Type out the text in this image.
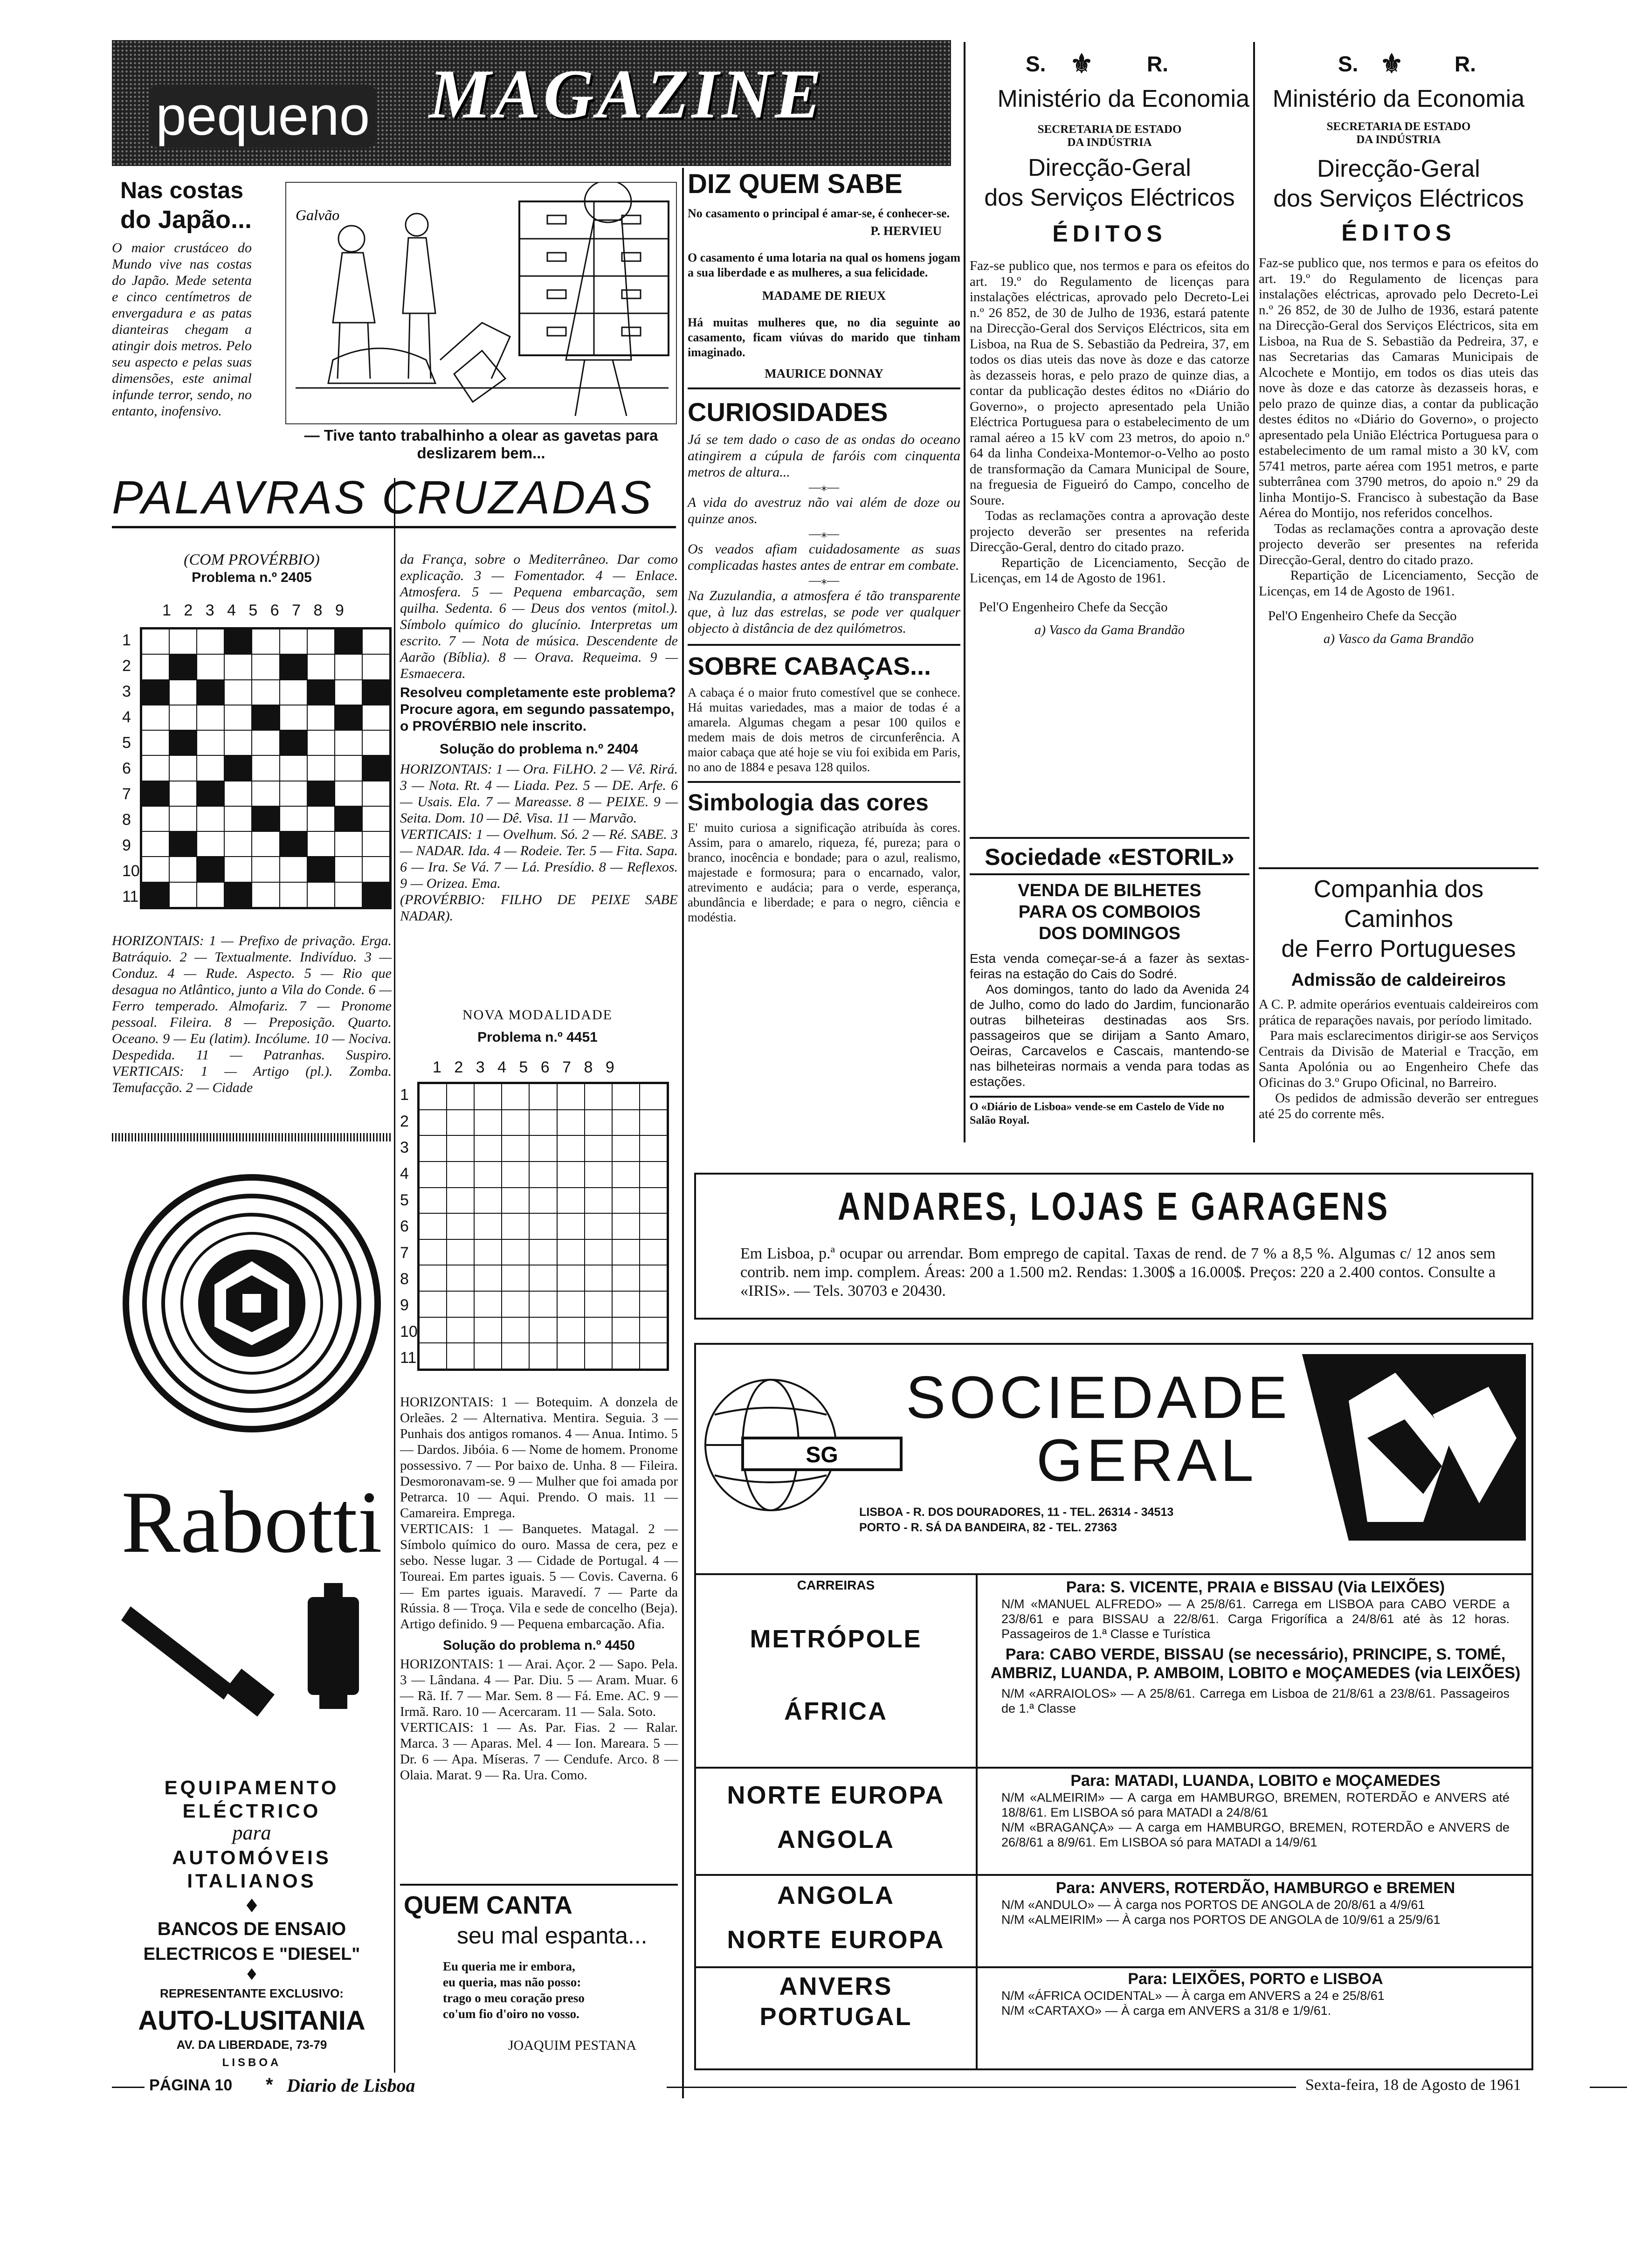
pequeno MAGAZINE
Nas costas
do Japão...
O maior crustáceo do Mundo vive nas costas do Japão. Mede setenta e cinco centímetros de envergadura e as patas dianteiras chegam a atingir dois metros. Pelo seu aspecto e pelas suas dimensões, este animal infunde terror, sendo, no entanto, inofensivo.
Galvão
— Tive tanto trabalhinho a olear as gavetas para deslizarem bem...
PALAVRAS CRUZADAS
(COM PROVÉRBIO)
Problema n.º 2405
1 2 3 4 5 6 7 8 9
1
2
3
4
5
6
7
8
9
10
11
HORIZONTAIS: 1 — Prefixo de privação. Erga. Batráquio. 2 — Textualmente. Indivíduo. 3 — Conduz. 4 — Rude. Aspecto. 5 — Rio que desagua no Atlântico, junto a Vila do Conde. 6 — Ferro temperado. Almofariz. 7 — Pronome pessoal. Fileira. 8 — Preposição. Quarto. Oceano. 9 — Eu (latim). Incólume. 10 — Nociva. Despedida. 11 — Patranhas. Suspiro. VERTICAIS: 1 — Artigo (pl.). Zomba. Temufacção. 2 — Cidade
da França, sobre o Mediterrâneo. Dar como explicação. 3 — Fomentador. 4 — Enlace. Atmosfera. 5 — Pequena embarcação, sem quilha. Sedenta. 6 — Deus dos ventos (mitol.). Símbolo químico do glucínio. Interpretas um escrito. 7 — Nota de música. Descendente de Aarão (Bíblia). 8 — Orava. Requeima. 9 — Esmaecera.
Resolveu completamente este problema? Procure agora, em segundo passatempo, o PROVÉRBIO nele inscrito.
Solução do problema n.º 2404
HORIZONTAIS: 1 — Ora. FiLHO. 2 — Vê. Rirá. 3 — Nota. Rt. 4 — Liada. Pez. 5 — DE. Arfe. 6 — Usais. Ela. 7 — Mareasse. 8 — PEIXE. 9 — Seita. Dom. 10 — Dê. Visa. 11 — Marvão.
VERTICAIS: 1 — Ovelhum. Só. 2 — Ré. SABE. 3 — NADAR. Ida. 4 — Rodeie. Ter. 5 — Fita. Sapa. 6 — Ira. Se Vá. 7 — Lá. Presídio. 8 — Reflexos. 9 — Orizea. Ema.
(PROVÉRBIO: FILHO DE PEIXE SABE NADAR).
NOVA MODALIDADE
Problema n.º 4451
1 2 3 4 5 6 7 8 9
1
2
3
4
5
6
7
8
9
10
11
HORIZONTAIS: 1 — Botequim. A donzela de Orleães. 2 — Alternativa. Mentira. Seguia. 3 — Punhais dos antigos romanos. 4 — Anua. Intimo. 5 — Dardos. Jibóia. 6 — Nome de homem. Pronome possessivo. 7 — Por baixo de. Unha. 8 — Fileira. Desmoronavam-se. 9 — Mulher que foi amada por Petrarca. 10 — Aqui. Prendo. O mais. 11 — Camareira. Emprega.
VERTICAIS: 1 — Banquetes. Matagal. 2 — Símbolo químico do ouro. Massa de cera, pez e sebo. Nesse lugar. 3 — Cidade de Portugal. 4 — Toureai. Em partes iguais. 5 — Covis. Caverna. 6 — Em partes iguais. Maravedí. 7 — Parte da Rússia. 8 — Troça. Vila e sede de concelho (Beja). Artigo definido. 9 — Pequena embarcação. Afia.
Solução do problema n.º 4450
HORIZONTAIS: 1 — Arai. Açor. 2 — Sapo. Pela. 3 — Lândana. 4 — Par. Diu. 5 — Aram. Muar. 6 — Rã. If. 7 — Mar. Sem. 8 — Fá. Eme. AC. 9 — Irmã. Raro. 10 — Acercaram. 11 — Sala. Soto.
VERTICAIS: 1 — As. Par. Fias. 2 — Ralar. Marca. 3 — Aparas. Mel. 4 — Ion. Mareara. 5 — Dr. 6 — Apa. Míseras. 7 — Cendufe. Arco. 8 — Olaia. Marat. 9 — Ra. Ura. Como.
QUEM CANTA
seu mal espanta...
Eu queria me ir embora,
eu queria, mas não posso:
trago o meu coração preso
co'um fio d'oiro no vosso.
JOAQUIM PESTANA
Rabotti
EQUIPAMENTO
ELÉCTRICO
para
AUTOMÓVEIS
ITALIANOS
♦
BANCOS DE ENSAIO
ELECTRICOS E "DIESEL"
♦
REPRESENTANTE EXCLUSIVO:
AUTO-LUSITANIA
AV. DA LIBERDADE, 73-79
LISBOA
DIZ QUEM SABE
No casamento o principal é amar-se, é conhecer-se.
P. HERVIEU
O casamento é uma lotaria na qual os homens jogam a sua liberdade e as mulheres, a sua felicidade.
MADAME DE RIEUX
Há muitas mulheres que, no dia seguinte ao casamento, ficam viúvas do marido que tinham imaginado.
MAURICE DONNAY
CURIOSIDADES
Já se tem dado o caso de as ondas do oceano atingirem a cúpula de faróis com cinquenta metros de altura...
—⁎—
A vida do avestruz não vai além de doze ou quinze anos.
—⁎—
Os veados afiam cuidadosamente as suas complicadas hastes antes de entrar em combate.
—⁎—
Na Zuzulandia, a atmosfera é tão transparente que, à luz das estrelas, se pode ver qualquer objecto à distância de dez quilómetros.
SOBRE CABAÇAS...
A cabaça é o maior fruto comestível que se conhece. Há muitas variedades, mas a maior de todas é a amarela. Algumas chegam a pesar 100 quilos e medem mais de dois metros de circunferência. A maior cabaça que até hoje se viu foi exibida em Paris, no ano de 1884 e pesava 128 quilos.
Simbologia das cores
E' muito curiosa a significação atribuída às cores. Assim, para o amarelo, riqueza, fé, pureza; para o branco, inocência e bondade; para o azul, realismo, majestade e formosura; para o encarnado, valor, atrevimento e audácia; para o verde, esperança, abundância e liberdade; e para o negro, ciência e modéstia.
S. ⚜ R.
Ministério da Economia
SECRETARIA DE ESTADO
DA INDÚSTRIA
Direcção-Geral
dos Serviços Eléctricos
ÉDITOS
Faz-se publico que, nos termos e para os efeitos do art. 19.º do Regulamento de licenças para instalações eléctricas, aprovado pelo Decreto-Lei n.º 26 852, de 30 de Julho de 1936, estará patente na Direcção-Geral dos Serviços Eléctricos, sita em Lisboa, na Rua de S. Sebastião da Pedreira, 37, em todos os dias uteis das nove às doze e das catorze às dezasseis horas, e pelo prazo de quinze dias, a contar da publicação destes éditos no «Diário do Governo», o projecto apresentado pela União Eléctrica Portuguesa para o estabelecimento de um ramal aéreo a 15 kV com 23 metros, do apoio n.º 64 da linha Condeixa-Montemor-o-Velho ao posto de transformação da Camara Municipal de Soure, na freguesia de Figueiró do Campo, concelho de Soure.
Todas as reclamações contra a aprovação deste projecto deverão ser presentes na referida Direcção-Geral, dentro do citado prazo.
Repartição de Licenciamento, Secção de Licenças, em 14 de Agosto de 1961.
Pel'O Engenheiro Chefe da Secção
a) Vasco da Gama Brandão
S. ⚜ R.
Ministério da Economia
SECRETARIA DE ESTADO
DA INDÚSTRIA
Direcção-Geral
dos Serviços Eléctricos
ÉDITOS
Faz-se publico que, nos termos e para os efeitos do art. 19.º do Regulamento de licenças para instalações eléctricas, aprovado pelo Decreto-Lei n.º 26 852, de 30 de Julho de 1936, estará patente na Direcção-Geral dos Serviços Eléctricos, sita em Lisboa, na Rua de S. Sebastião da Pedreira, 37, e nas Secretarias das Camaras Municipais de Alcochete e Montijo, em todos os dias uteis das nove às doze e das catorze às dezasseis horas, e pelo prazo de quinze dias, a contar da publicação destes éditos no «Diário do Governo», o projecto apresentado pela União Eléctrica Portuguesa para o estabelecimento de um ramal misto a 30 kV, com 5741 metros, parte aérea com 1951 metros, e parte subterrânea com 3790 metros, do apoio n.º 29 da linha Montijo-S. Francisco à subestação da Base Aérea do Montijo, nos referidos concelhos.
Todas as reclamações contra a aprovação deste projecto deverão ser presentes na referida Direcção-Geral, dentro do citado prazo.
Repartição de Licenciamento, Secção de Licenças, em 14 de Agosto de 1961.
Pel'O Engenheiro Chefe da Secção
a) Vasco da Gama Brandão
Sociedade «ESTORIL»
VENDA DE BILHETES
PARA OS COMBOIOS
DOS DOMINGOS
Esta venda começar-se-á a fazer às sextas-feiras na estação do Cais do Sodré.
Aos domingos, tanto do lado da Avenida 24 de Julho, como do lado do Jardim, funcionarão outras bilheteiras destinadas aos Srs. passageiros que se dirijam a Santo Amaro, Oeiras, Carcavelos e Cascais, mantendo-se nas bilheteiras normais a venda para todas as estações.
O «Diário de Lisboa» vende-se em Castelo de Vide no Salão Royal.
Companhia dos Caminhos
de Ferro Portugueses
Admissão de caldeireiros
A C. P. admite operários eventuais caldeireiros com prática de reparações navais, por período limitado.
Para mais esclarecimentos dirigir-se aos Serviços Centrais da Divisão de Material e Tracção, em Santa Apolónia ou ao Engenheiro Chefe das Oficinas do 3.º Grupo Oficinal, no Barreiro.
Os pedidos de admissão deverão ser entregues até 25 do corrente mês.
ANDARES, LOJAS E GARAGENS
Em Lisboa, p.ª ocupar ou arrendar. Bom emprego de capital. Taxas de rend. de 7 % a 8,5 %. Algumas c/ 12 anos sem contrib. nem imp. complem. Áreas: 200 a 1.500 m2. Rendas: 1.300$ a 16.000$. Preços: 220 a 2.400 contos. Consulte a «IRIS». — Tels. 30703 e 20430.
SG
SOCIEDADE
GERAL
LISBOA - R. DOS DOURADORES, 11 - TEL. 26314 - 34513
PORTO - R. SÁ DA BANDEIRA, 82 - TEL. 27363
CARREIRAS
METRÓPOLE
ÁFRICA
Para: S. VICENTE, PRAIA e BISSAU (Via LEIXÕES)
N/M «MANUEL ALFREDO» — A 25/8/61. Carrega em LISBOA para CABO VERDE a 23/8/61 e para BISSAU a 22/8/61. Carga Frigorífica a 24/8/61 até às 12 horas. Passageiros de 1.ª Classe e Turística
Para: CABO VERDE, BISSAU (se necessário), PRINCIPE, S. TOMÉ, AMBRIZ, LUANDA, P. AMBOIM, LOBITO e MOÇAMEDES (via LEIXÕES)
N/M «ARRAIOLOS» — A 25/8/61. Carrega em Lisboa de 21/8/61 a 23/8/61. Passageiros de 1.ª Classe
NORTE EUROPA
ANGOLA
Para: MATADI, LUANDA, LOBITO e MOÇAMEDES
N/M «ALMEIRIM» — A carga em HAMBURGO, BREMEN, ROTERDÃO e ANVERS até 18/8/61. Em LISBOA só para MATADI a 24/8/61
N/M «BRAGANÇA» — A carga em HAMBURGO, BREMEN, ROTERDÃO e ANVERS de 26/8/61 a 8/9/61. Em LISBOA só para MATADI a 14/9/61
ANGOLA
NORTE EUROPA
Para: ANVERS, ROTERDÃO, HAMBURGO e BREMEN
N/M «ANDULO» — À carga nos PORTOS DE ANGOLA de 20/8/61 a 4/9/61
N/M «ALMEIRIM» — À carga nos PORTOS DE ANGOLA de 10/9/61 a 25/9/61
ANVERS
PORTUGAL
Para: LEIXÕES, PORTO e LISBOA
N/M «ÁFRICA OCIDENTAL» — À carga em ANVERS a 24 e 25/8/61
N/M «CARTAXO» — À carga em ANVERS a 31/8 e 1/9/61.
PÁGINA 10 * Diario de Lisboa	Sexta-feira, 18 de Agosto de 1961
